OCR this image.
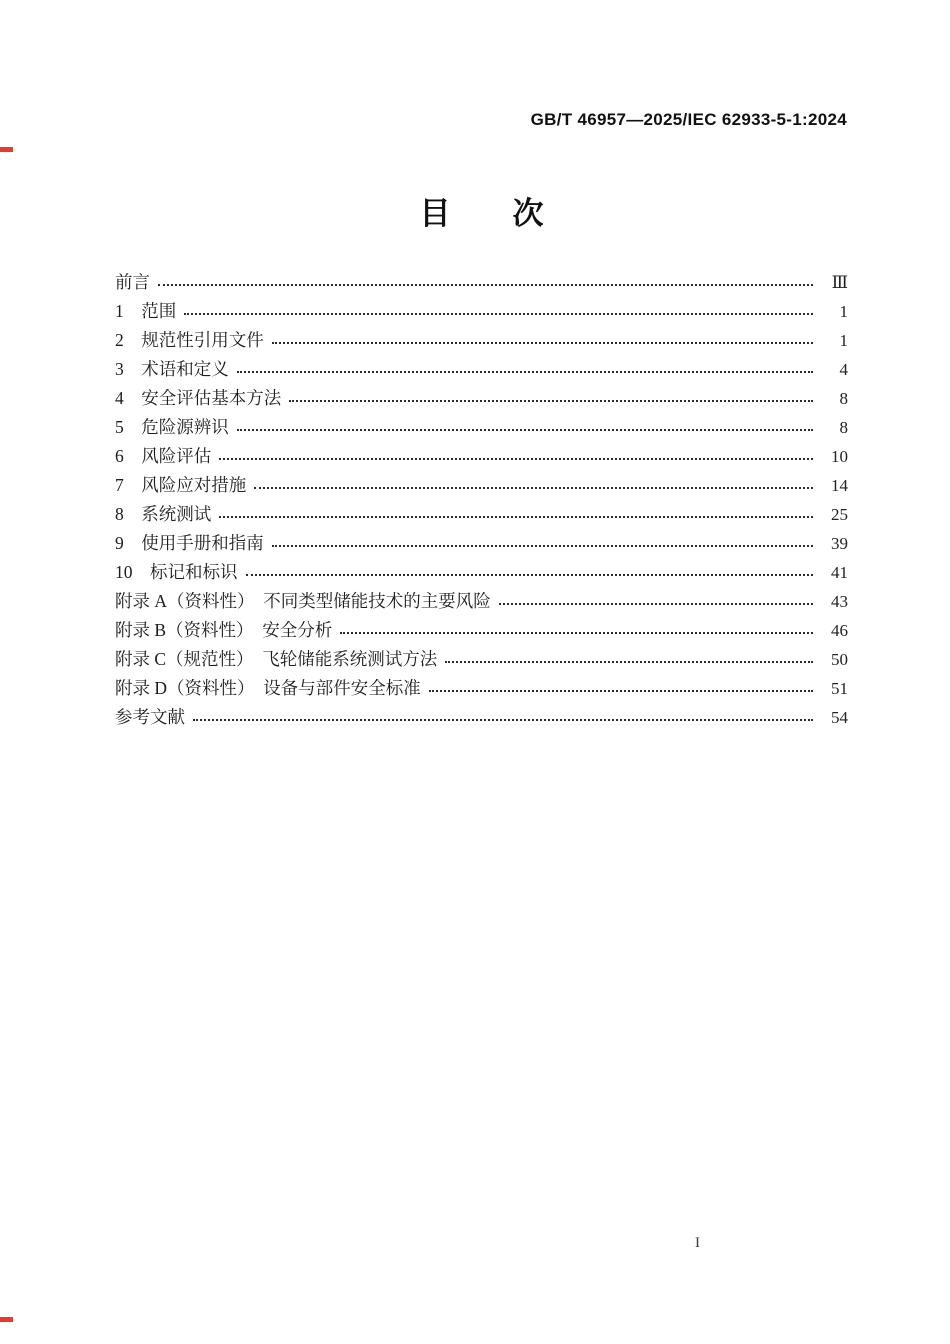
GB/T 46957—2025/IEC 62933-5-1:2024
目　　次
前言	Ⅲ
1　范围	1
2　规范性引用文件	1
3　术语和定义	4
4　安全评估基本方法	8
5　危险源辨识	8
6　风险评估	10
7　风险应对措施	14
8　系统测试	25
9　使用手册和指南	39
10　标记和标识	41
附录 A（资料性）　不同类型储能技术的主要风险	43
附录 B（资料性）　安全分析	46
附录 C（规范性）　飞轮储能系统测试方法	50
附录 D（资料性）　设备与部件安全标准	51
参考文献	54
I
